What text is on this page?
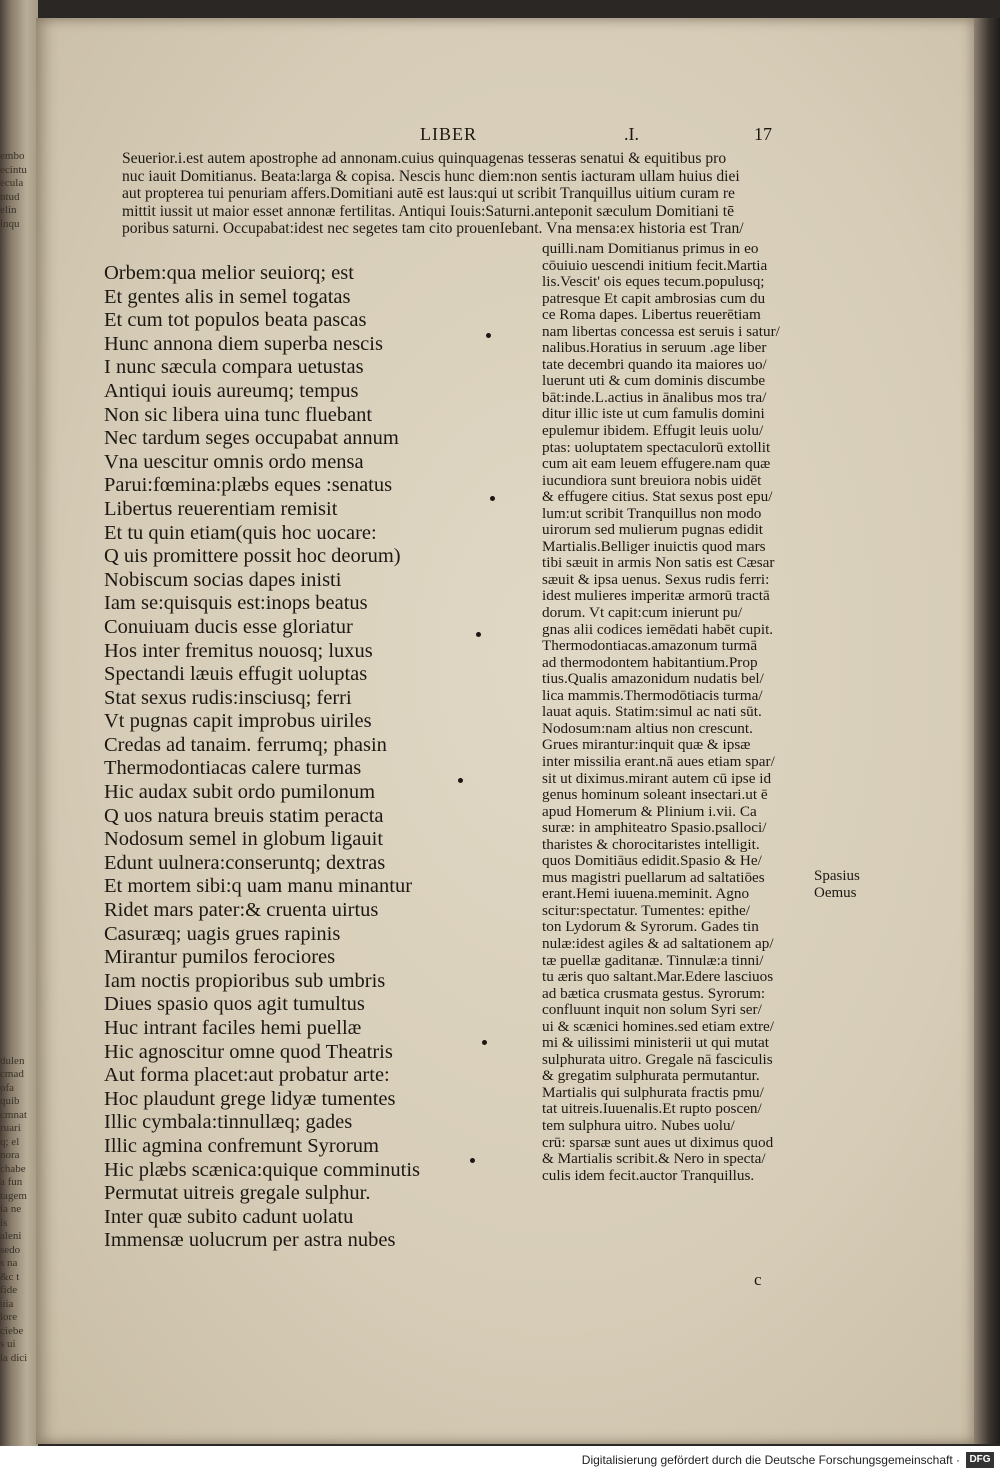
embo
ecintu
ecula
ntud
elin
inqu

dulen
cmad
ofa
quib
cmnat
ruari
q; el
nora
chabe
a fun
tagem
ia ne
is
aleni
sedo
s na
&c t
fide
uia
iore
ciebe
s ui
la dici
LIBER	.I.	17
Seuerior.i.est autem apostrophe ad annonam.cuius quinquagenas tesseras senatui & equitibus pro
nuc iauit Domitianus. Beata:larga & copisa. Nescis hunc diem:non sentis iacturam ullam huius diei
aut propterea tui penuriam affers.Domitiani autē est laus:qui ut scribit Tranquillus uitium curam re
mittit iussit ut maior esset annonæ fertilitas. Antiqui Iouis:Saturni.anteponit sæculum Domitiani tē
poribus saturni. Occupabat:idest nec segetes tam cito prouenIebant. Vna mensa:ex historia est Tran/
Orbem:qua melior seuiorq; est
Et gentes alis in semel togatas
Et cum tot populos beata pascas
Hunc annona diem superba nescis
I nunc sæcula compara uetustas
Antiqui iouis aureumq; tempus
Non sic libera uina tunc fluebant
Nec tardum seges occupabat annum
Vna uescitur omnis ordo mensa
Parui:fœmina:plæbs eques :senatus
Libertus reuerentiam remisit
Et tu quin etiam(quis hoc uocare:
Q uis promittere possit hoc deorum)
Nobiscum socias dapes inisti
Iam se:quisquis est:inops beatus
Conuiuam ducis esse gloriatur
Hos inter fremitus nouosq; luxus
Spectandi læuis effugit uoluptas
Stat sexus rudis:insciusq; ferri
Vt pugnas capit improbus uiriles
Credas ad tanaim. ferrumq; phasin
Thermodontiacas calere turmas
Hic audax subit ordo pumilonum
Q uos natura breuis statim peracta
Nodosum semel in globum ligauit
Edunt uulnera:conseruntq; dextras
Et mortem sibi:q uam manu minantur
Ridet mars pater:& cruenta uirtus
Casuræq; uagis grues rapinis
Mirantur pumilos ferociores
Iam noctis propioribus sub umbris
Diues spasio quos agit tumultus
Huc intrant faciles hemi puellæ
Hic agnoscitur omne quod Theatris
Aut forma placet:aut probatur arte:
Hoc plaudunt grege lidyæ tumentes
Illic cymbala:tinnullæq; gades
Illic agmina confremunt Syrorum
Hic plæbs scænica:quique comminutis
Permutat uitreis gregale sulphur.
Inter quæ subito cadunt uolatu
Immensæ uolucrum per astra nubes
quilli.nam Domitianus primus in eo
cōuiuio uescendi initium fecit.Martia
lis.Vescit' ois eques tecum.populusq;
patresque Et capit ambrosias cum du
ce Roma dapes. Libertus reuerētiam
nam libertas concessa est seruis i satur/
nalibus.Horatius in seruum .age liber
tate decembri quando ita maiores uo/
luerunt uti & cum dominis discumbe
bāt:inde.L.actius in ānalibus mos tra/
ditur illic iste ut cum famulis domini
epulemur ibidem. Effugit leuis uolu/
ptas: uoluptatem spectaculorū extollit
cum ait eam leuem effugere.nam quæ
iucundiora sunt breuiora nobis uidēt
& effugere citius. Stat sexus post epu/
lum:ut scribit Tranquillus non modo
uirorum sed mulierum pugnas edidit
Martialis.Belliger inuictis quod mars
tibi sæuit in armis Non satis est Cæsar
sæuit & ipsa uenus. Sexus rudis ferri:
idest mulieres imperitæ armorū tractā
dorum. Vt capit:cum inierunt pu/
gnas alii codices iemēdati habēt cupit.
Thermodontiacas.amazonum turmā
ad thermodontem habitantium.Prop
tius.Qualis amazonidum nudatis bel/
lica mammis.Thermodōtiacis turma/
lauat aquis. Statim:simul ac nati sūt.
Nodosum:nam altius non crescunt.
Grues mirantur:inquit quæ & ipsæ
inter missilia erant.nā aues etiam spar/
sit ut diximus.mirant autem cū ipse id
genus hominum soleant insectari.ut ē
apud Homerum & Plinium i.vii. Ca
suræ: in amphiteatro Spasio.psalloci/
tharistes & chorocitaristes intelligit.
quos Domitiāus edidit.Spasio & He/
mus magistri puellarum ad saltatiōes
erant.Hemi iuuena.meminit. Agno
scitur:spectatur. Tumentes: epithe/
ton Lydorum & Syrorum. Gades tin
nulæ:idest agiles & ad saltationem ap/
tæ puellæ gaditanæ. Tinnulæ:a tinni/
tu æris quo saltant.Mar.Edere lasciuos
ad bætica crusmata gestus. Syrorum:
confluunt inquit non solum Syri ser/
ui & scænici homines.sed etiam extre/
mi & uilissimi ministerii ut qui mutat
sulphurata uitro. Gregale nā fasciculis
& gregatim sulphurata permutantur.
Martialis qui sulphurata fractis pmu/
tat uitreis.Iuuenalis.Et rupto poscen/
tem sulphura uitro. Nubes uolu/
crū: sparsæ sunt aues ut diximus quod
& Martialis scribit.& Nero in specta/
culis idem fecit.auctor Tranquillus.
Spasius
Oemus
c
Digitalisierung gefördert durch die Deutsche Forschungsgemeinschaft · DFG
